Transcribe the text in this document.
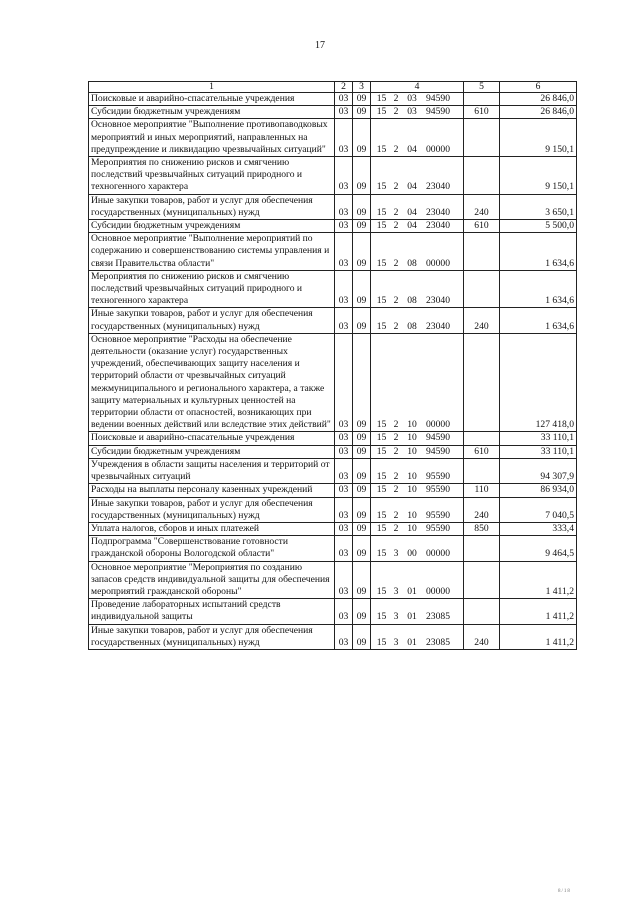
17
1	2	3	4	5	6
Поисковые и аварийно-спасательные учреждения	03	09	15 2 03 94590		26 846,0
Субсидии бюджетным учреждениям	03	09	15 2 03 94590	610	26 846,0
Основное мероприятие "Выполнение противопаводковых мероприятий и иных мероприятий, направленных на предупреждение и ликвидацию чрезвычайных ситуаций"	03	09	15 2 04 00000		9 150,1
Мероприятия по снижению рисков и смягчению последствий чрезвычайных ситуаций природного и техногенного характера	03	09	15 2 04 23040		9 150,1
Иные закупки товаров, работ и услуг для обеспечения государственных (муниципальных) нужд	03	09	15 2 04 23040	240	3 650,1
Субсидии бюджетным учреждениям	03	09	15 2 04 23040	610	5 500,0
Основное мероприятие "Выполнение мероприятий по содержанию и совершенствованию системы управления и связи Правительства области"	03	09	15 2 08 00000		1 634,6
Мероприятия по снижению рисков и смягчению последствий чрезвычайных ситуаций природного и техногенного характера	03	09	15 2 08 23040		1 634,6
Иные закупки товаров, работ и услуг для обеспечения государственных (муниципальных) нужд	03	09	15 2 08 23040	240	1 634,6
Основное мероприятие "Расходы на обеспечение деятельности (оказание услуг) государственных учреждений, обеспечивающих защиту населения и территорий области от чрезвычайных ситуаций межмуниципального и регионального характера, а также защиту материальных и культурных ценностей на территории области от опасностей, возникающих при ведении военных действий или вследствие этих действий"	03	09	15 2 10 00000		127 418,0
Поисковые и аварийно-спасательные учреждения	03	09	15 2 10 94590		33 110,1
Субсидии бюджетным учреждениям	03	09	15 2 10 94590	610	33 110,1
Учреждения в области защиты населения и территорий от чрезвычайных ситуаций	03	09	15 2 10 95590		94 307,9
Расходы на выплаты персоналу казенных учреждений	03	09	15 2 10 95590	110	86 934,0
Иные закупки товаров, работ и услуг для обеспечения государственных (муниципальных) нужд	03	09	15 2 10 95590	240	7 040,5
Уплата налогов, сборов и иных платежей	03	09	15 2 10 95590	850	333,4
Подпрограмма "Совершенствование готовности гражданской обороны Вологодской области"	03	09	15 3 00 00000		9 464,5
Основное мероприятие "Мероприятия по созданию запасов средств индивидуальной защиты для обеспечения мероприятий гражданской обороны"	03	09	15 3 01 00000		1 411,2
Проведение лабораторных испытаний средств индивидуальной защиты	03	09	15 3 01 23085		1 411,2
Иные закупки товаров, работ и услуг для обеспечения государственных (муниципальных) нужд	03	09	15 3 01 23085	240	1 411,2
8/18
